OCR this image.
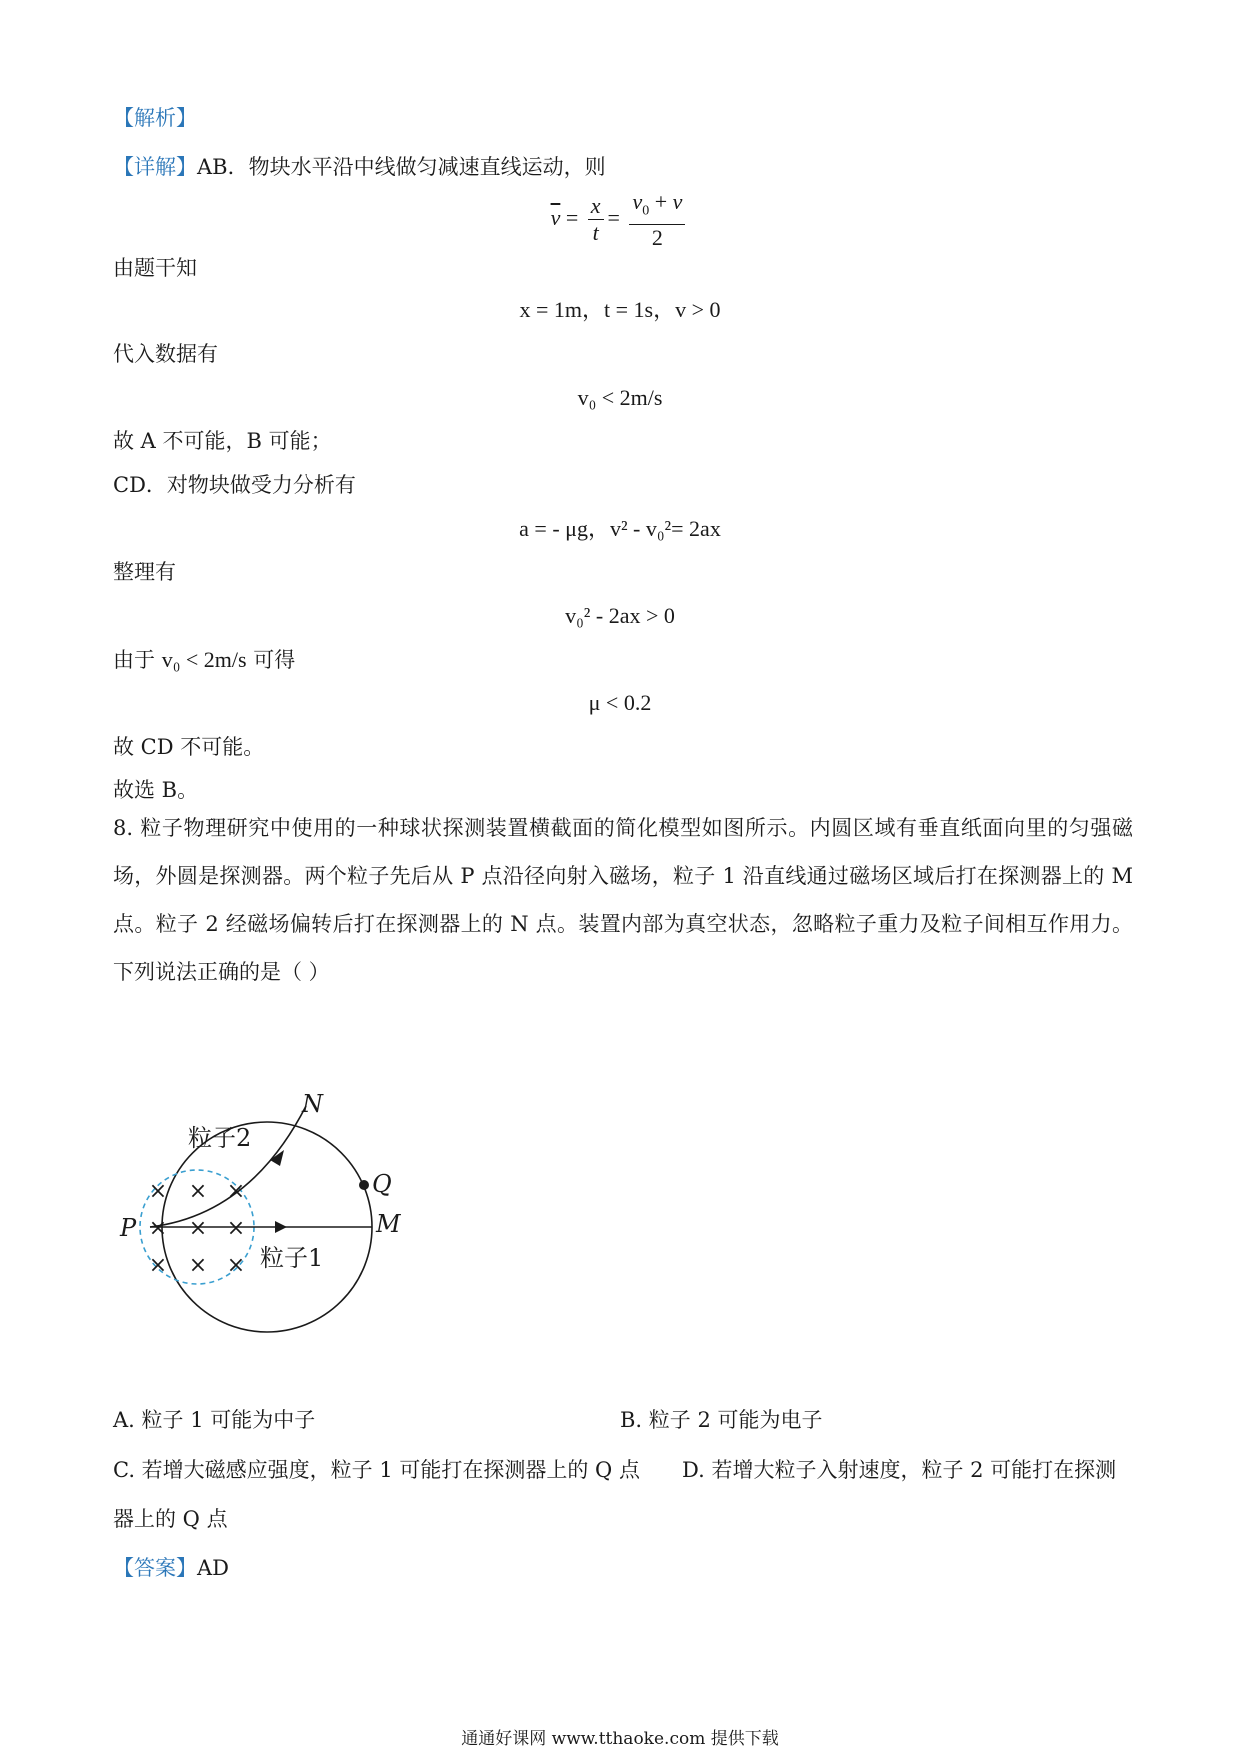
【解析】
【详解】AB．物块水平沿中线做匀减速直线运动，则
$\overline{v} = \frac{x}{t} = \frac{v_0 + v}{2}$
由题干知
x = 1m，t = 1s，v > 0
代入数据有
v₀ < 2m/s
故 A 不可能，B 可能；
CD．对物块做受力分析有
a = - μg，v² - v₀²= 2ax
整理有
v₀² - 2ax > 0
由于 v₀ < 2m/s 可得
μ < 0.2
故 CD 不可能。
故选 B。
8. 粒子物理研究中使用的一种球状探测装置横截面的简化模型如图所示。内圆区域有垂直纸面向里的匀强磁场，外圆是探测器。两个粒子先后从 P 点沿径向射入磁场，粒子 1 沿直线通过磁场区域后打在探测器上的 M 点。粒子 2 经磁场偏转后打在探测器上的 N 点。装置内部为真空状态，忽略粒子重力及粒子间相互作用力。下列说法正确的是（ ）
× × ×
× × ×
× × ×
N
Q
P	M
粒子2
粒子1
A. 粒子 1 可能为中子	B. 粒子 2 可能为电子
C. 若增大磁感应强度，粒子 1 可能打在探测器上的 Q 点 D. 若增大粒子入射速度，粒子 2 可能打在探测
器上的 Q 点
【答案】AD
通通好课网 www.tthaoke.com 提供下载
